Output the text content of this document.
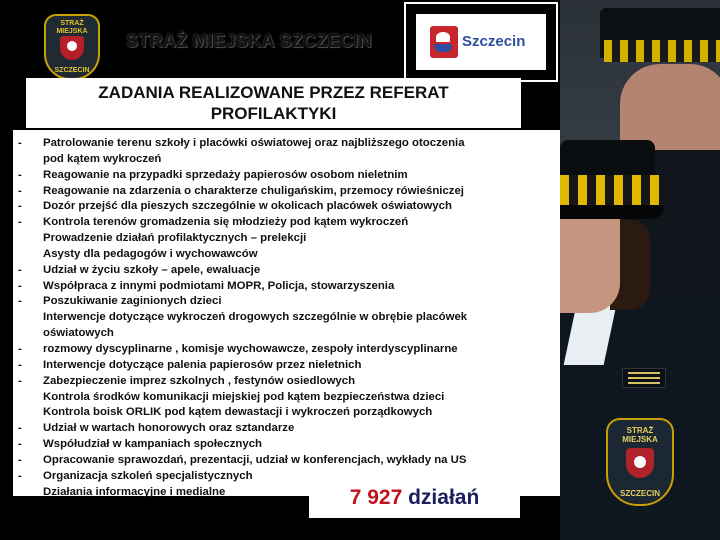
STRAŻ MIEJSKA
SZCZECIN
STRAŻ MIEJSKA
SZCZECIN
STRAŻ MIEJSKA SZCZECIN	Szczecin
ZADANIA REALIZOWANE PRZEZ REFERAT
PROFILAKTYKI
- Patrolowanie terenu szkoły i placówki oświatowej oraz najbliższego otoczenia
pod kątem wykroczeń
- Reagowanie na przypadki sprzedaży papierosów osobom nieletnim
- Reagowanie na zdarzenia o charakterze chuligańskim, przemocy rówieśniczej
- Dozór przejść dla pieszych szczególnie w okolicach placówek oświatowych
- Kontrola terenów gromadzenia się młodzieży pod kątem wykroczeń
Prowadzenie działań profilaktycznych – prelekcji
Asysty dla pedagogów i wychowawców
- Udział w życiu szkoły – apele, ewaluacje
- Współpraca z innymi podmiotami MOPR, Policja, stowarzyszenia
- Poszukiwanie zaginionych dzieci
Interwencje dotyczące wykroczeń drogowych szczególnie w obrębie placówek
oświatowych
- rozmowy dyscyplinarne , komisje wychowawcze, zespoły interdyscyplinarne
- Interwencje dotyczące palenia papierosów przez nieletnich
- Zabezpieczenie imprez szkolnych , festynów osiedlowych
Kontrola środków komunikacji miejskiej pod kątem bezpieczeństwa dzieci
Kontrola boisk ORLIK pod kątem dewastacji i wykroczeń porządkowych
- Udział w wartach honorowych oraz sztandarze
- Współudział w kampaniach społecznych
- Opracowanie sprawozdań, prezentacji, udział w konferencjach, wykłady na US
- Organizacja szkoleń specjalistycznych
Działania informacyjne i medialne	7 927 działań
